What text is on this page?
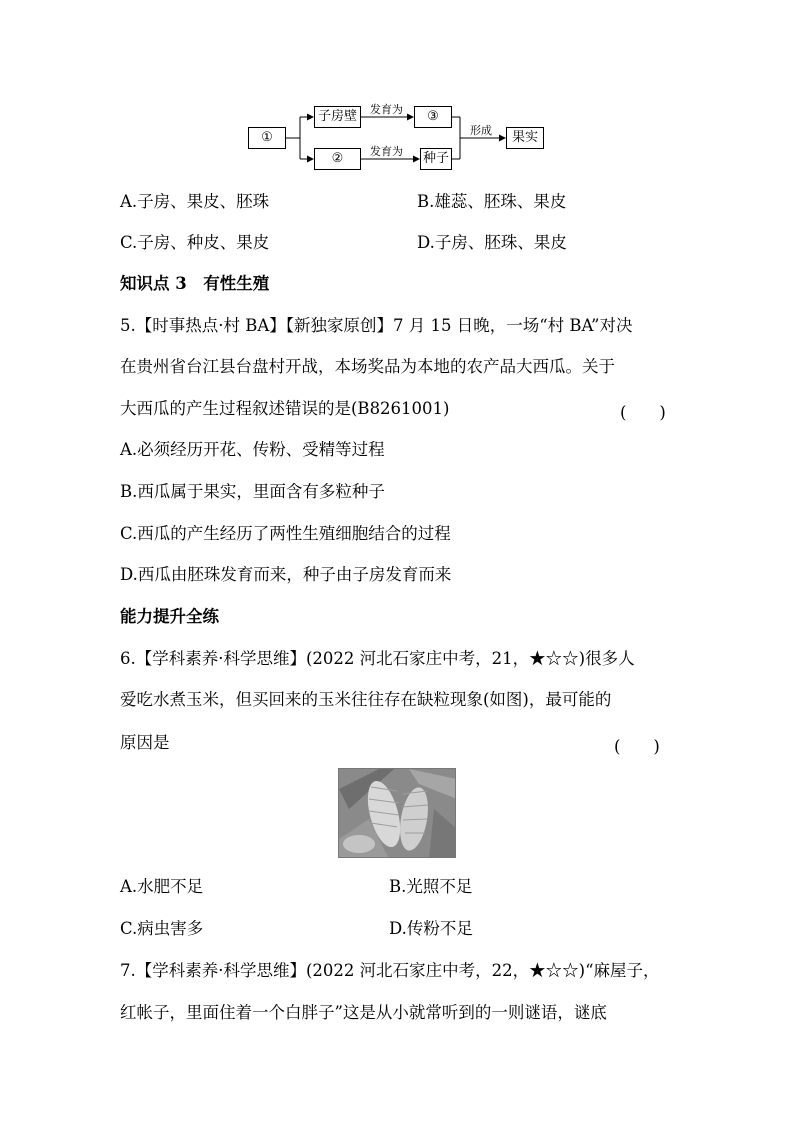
①
子房壁
②
③
种子
果实
发育为
发育为
形成
A.子房、果皮、胚珠	B.雄蕊、胚珠、果皮
C.子房、种皮、果皮	D.子房、胚珠、果皮
知识点 3　有性生殖
5.【时事热点·村 BA】【新独家原创】7 月 15 日晚，一场“村 BA”对决
在贵州省台江县台盘村开战，本场奖品为本地的农产品大西瓜。关于
大西瓜的产生过程叙述错误的是(B8261001)	(　　)
A.必须经历开花、传粉、受精等过程
B.西瓜属于果实，里面含有多粒种子
C.西瓜的产生经历了两性生殖细胞结合的过程
D.西瓜由胚珠发育而来，种子由子房发育而来
能力提升全练
6.【学科素养·科学思维】(2022 河北石家庄中考，21，★☆☆)很多人
爱吃水煮玉米，但买回来的玉米往往存在缺粒现象(如图)，最可能的
原因是	(　　)
A.水肥不足	B.光照不足
C.病虫害多	D.传粉不足
7.【学科素养·科学思维】(2022 河北石家庄中考，22，★☆☆)“麻屋子，
红帐子，里面住着一个白胖子”这是从小就常听到的一则谜语，谜底
